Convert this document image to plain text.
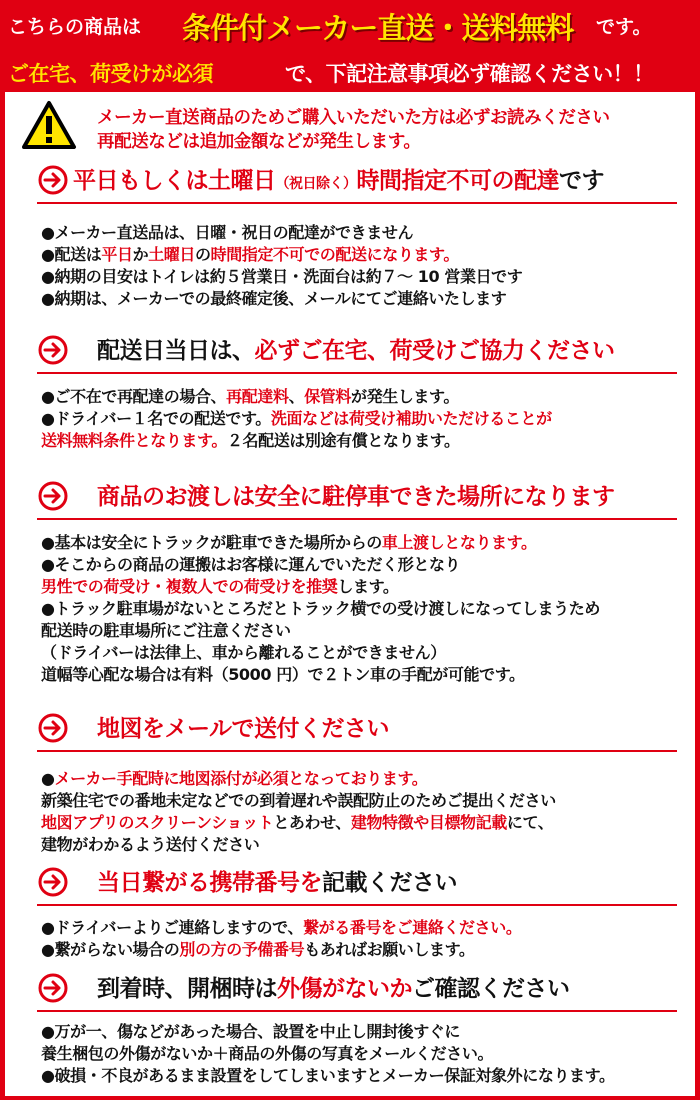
こちらの商品は 条件付メーカー直送・送料無料 です。
ご在宅、荷受けが必須	で、下記注意事項必ず確認ください！！
メーカー直送商品のためご購入いただいた方は必ずお読みください
再配送などは追加金額などが発生します。
平日もしくは土曜日（祝日除く）時間指定不可の配達です
●メーカー直送品は、日曜・祝日の配達ができません
●配送は平日か土曜日の時間指定不可での配送になります。
●納期の目安はトイレは約５営業日・洗面台は約７～ 10 営業日です
●納期は、メーカーでの最終確定後、メールにてご連絡いたします
配送日当日は、必ずご在宅、荷受けご協力ください
●ご不在で再配達の場合、再配達料、保管料が発生します。
●ドライバー１名での配送です。洗面などは荷受け補助いただけることが
送料無料条件となります。２名配送は別途有償となります。
商品のお渡しは安全に駐停車できた場所になります
●基本は安全にトラックが駐車できた場所からの車上渡しとなります。
●そこからの商品の運搬はお客様に運んでいただく形となり
男性での荷受け・複数人での荷受けを推奨します。
●トラック駐車場がないところだとトラック横での受け渡しになってしまうため
配送時の駐車場所にご注意ください
（ドライバーは法律上、車から離れることができません）
道幅等心配な場合は有料（5000 円）で２トン車の手配が可能です。
地図をメールで送付ください
●メーカー手配時に地図添付が必須となっております。
新築住宅での番地未定などでの到着遅れや誤配防止のためご提出ください
地図アプリのスクリーンショットとあわせ、建物特徴や目標物記載にて、
建物がわかるよう送付ください
当日繋がる携帯番号を記載ください
●ドライバーよりご連絡しますので、繋がる番号をご連絡ください。
●繋がらない場合の別の方の予備番号もあればお願いします。
到着時、開梱時は外傷がないかご確認ください
●万が一、傷などがあった場合、設置を中止し開封後すぐに
養生梱包の外傷がないか＋商品の外傷の写真をメールください。
●破損・不良があるまま設置をしてしまいますとメーカー保証対象外になります。
